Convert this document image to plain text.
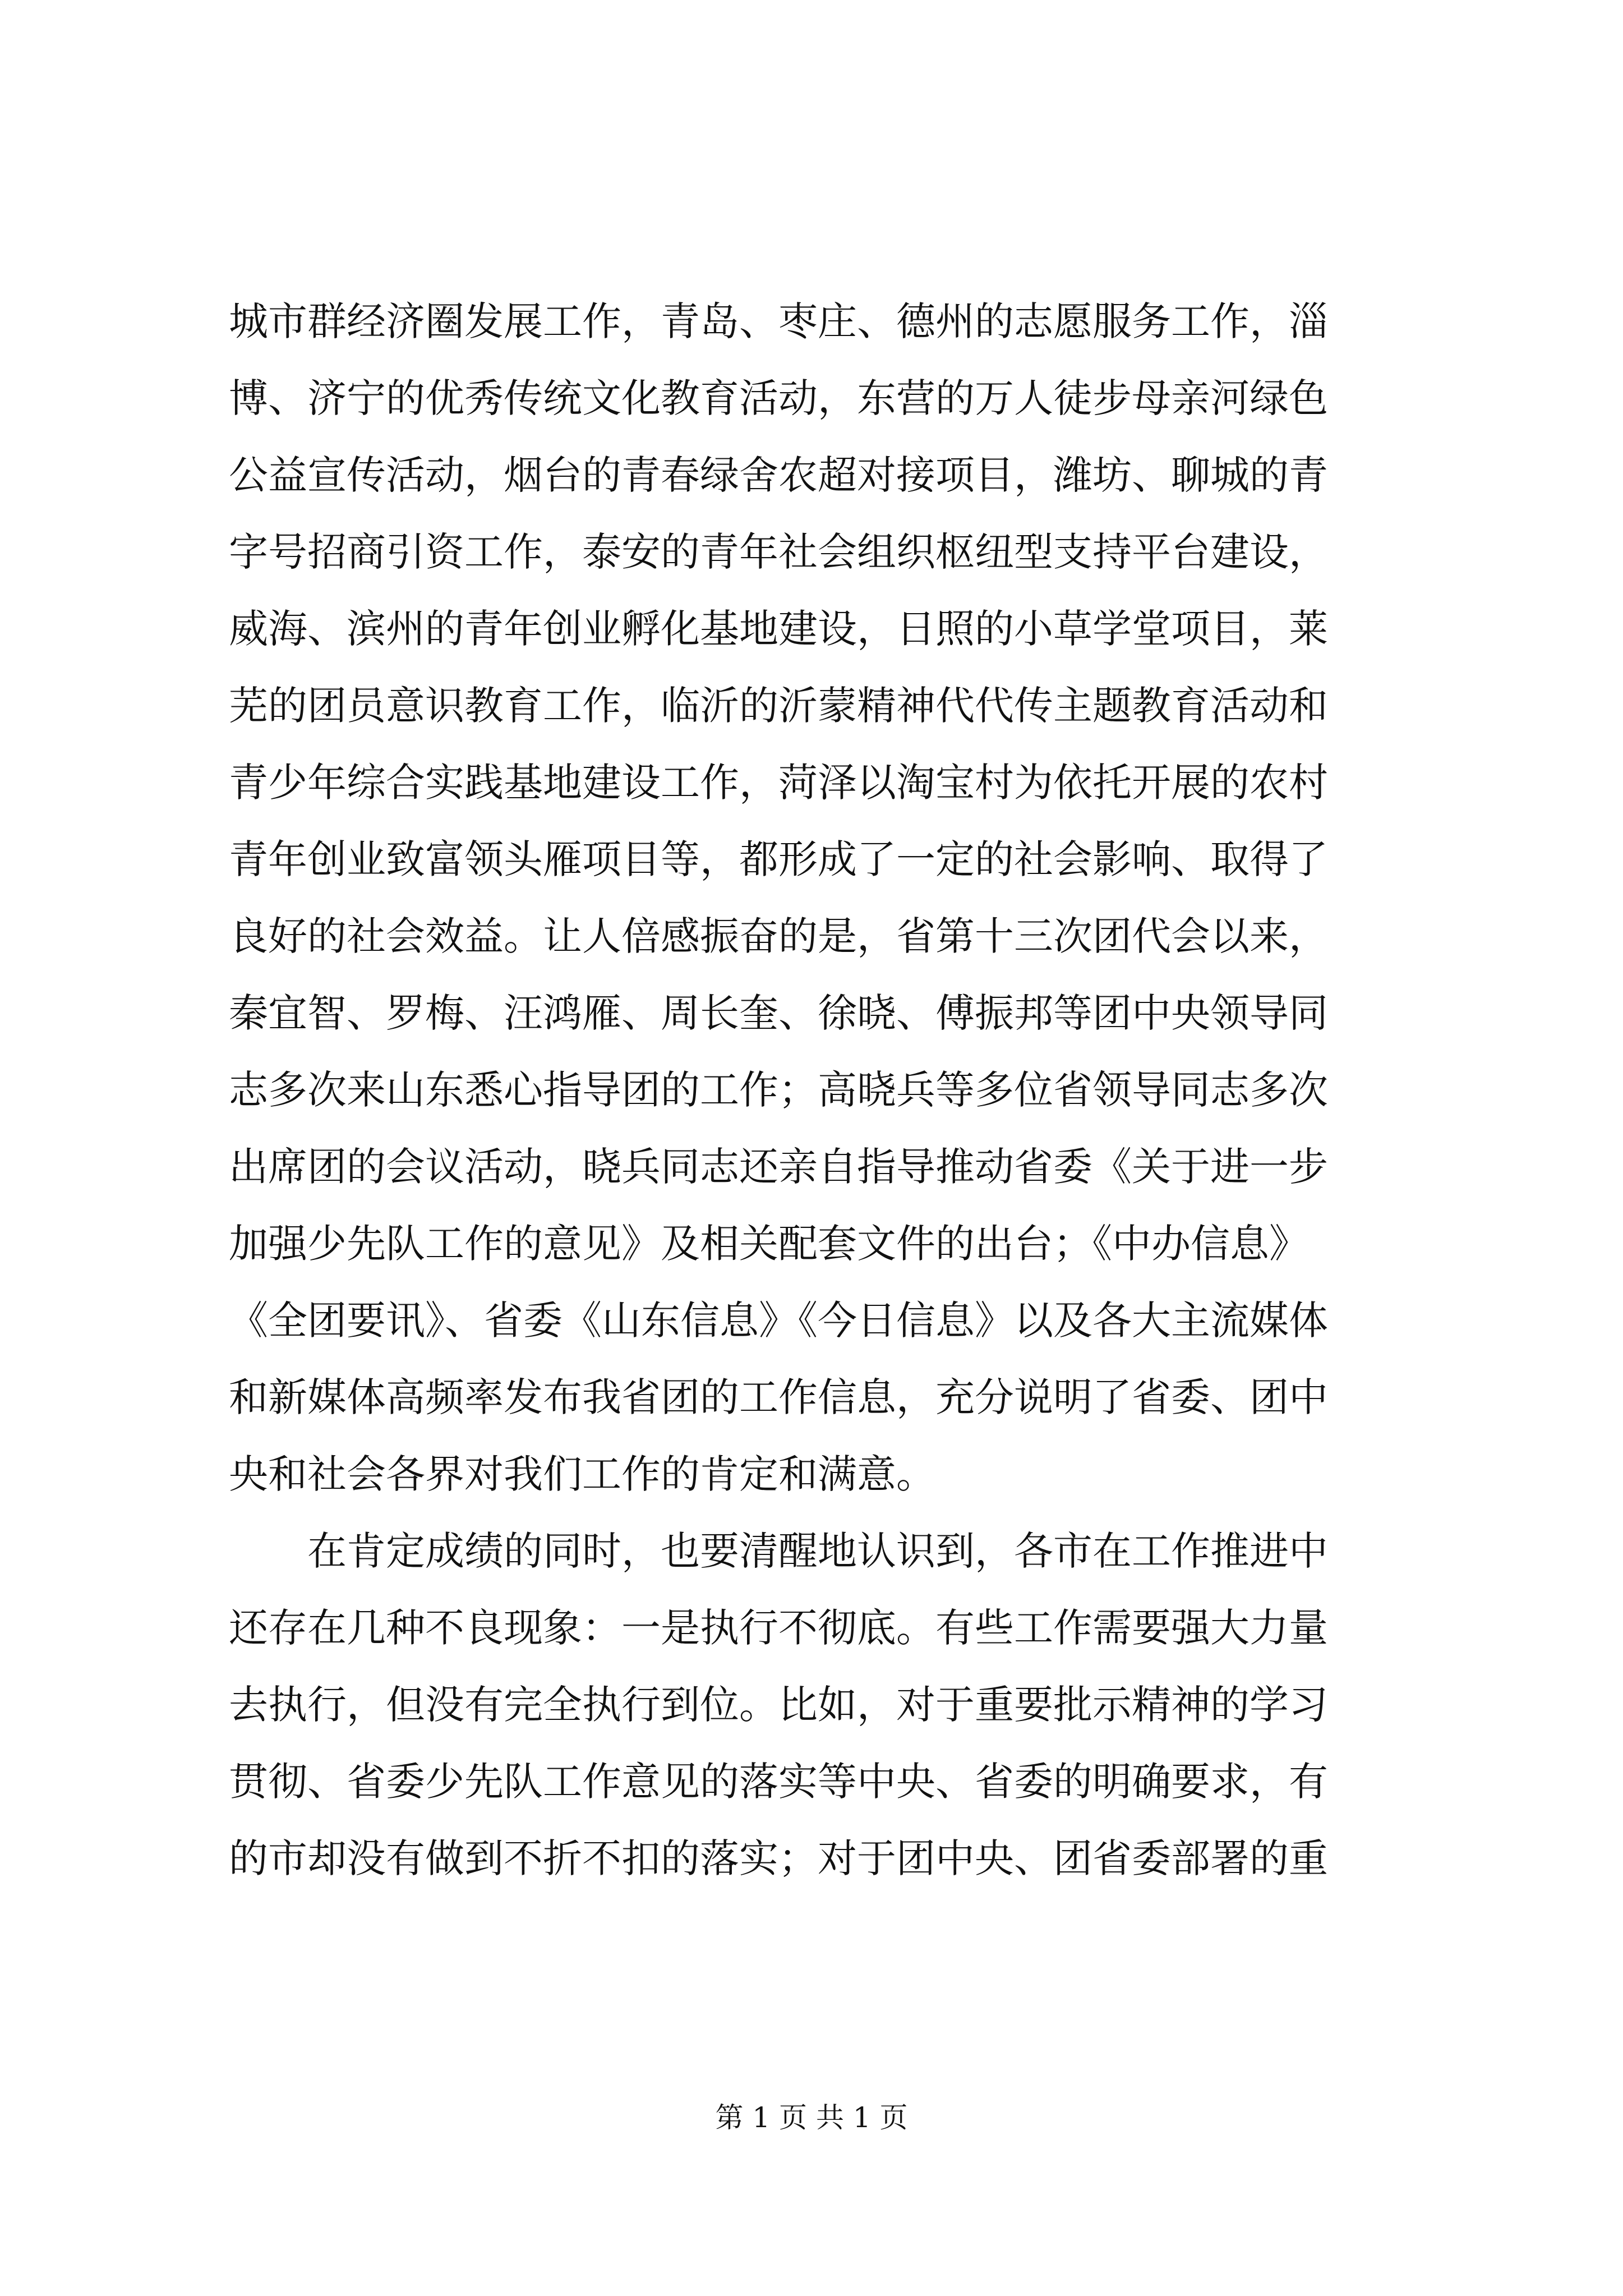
城市群经济圈发展工作，青岛、枣庄、德州的志愿服务工作，淄
博、济宁的优秀传统文化教育活动，东营的万人徒步母亲河绿色
公益宣传活动，烟台的青春绿舍农超对接项目，潍坊、聊城的青
字号招商引资工作，泰安的青年社会组织枢纽型支持平台建设，
威海、滨州的青年创业孵化基地建设，日照的小草学堂项目，莱
芜的团员意识教育工作，临沂的沂蒙精神代代传主题教育活动和
青少年综合实践基地建设工作，菏泽以淘宝村为依托开展的农村
青年创业致富领头雁项目等，都形成了一定的社会影响、取得了
良好的社会效益。让人倍感振奋的是，省第十三次团代会以来，
秦宜智、罗梅、汪鸿雁、周长奎、徐晓、傅振邦等团中央领导同
志多次来山东悉心指导团的工作；高晓兵等多位省领导同志多次
出席团的会议活动，晓兵同志还亲自指导推动省委《关于进一步
加强少先队工作的意见》及相关配套文件的出台；《中办信息》
《全团要讯》、省委《山东信息》《今日信息》以及各大主流媒体
和新媒体高频率发布我省团的工作信息，充分说明了省委、团中
央和社会各界对我们工作的肯定和满意。
在肯定成绩的同时，也要清醒地认识到，各市在工作推进中
还存在几种不良现象：一是执行不彻底。有些工作需要强大力量
去执行，但没有完全执行到位。比如，对于重要批示精神的学习
贯彻、省委少先队工作意见的落实等中央、省委的明确要求，有
的市却没有做到不折不扣的落实；对于团中央、团省委部署的重
第 1 页 共 1 页
